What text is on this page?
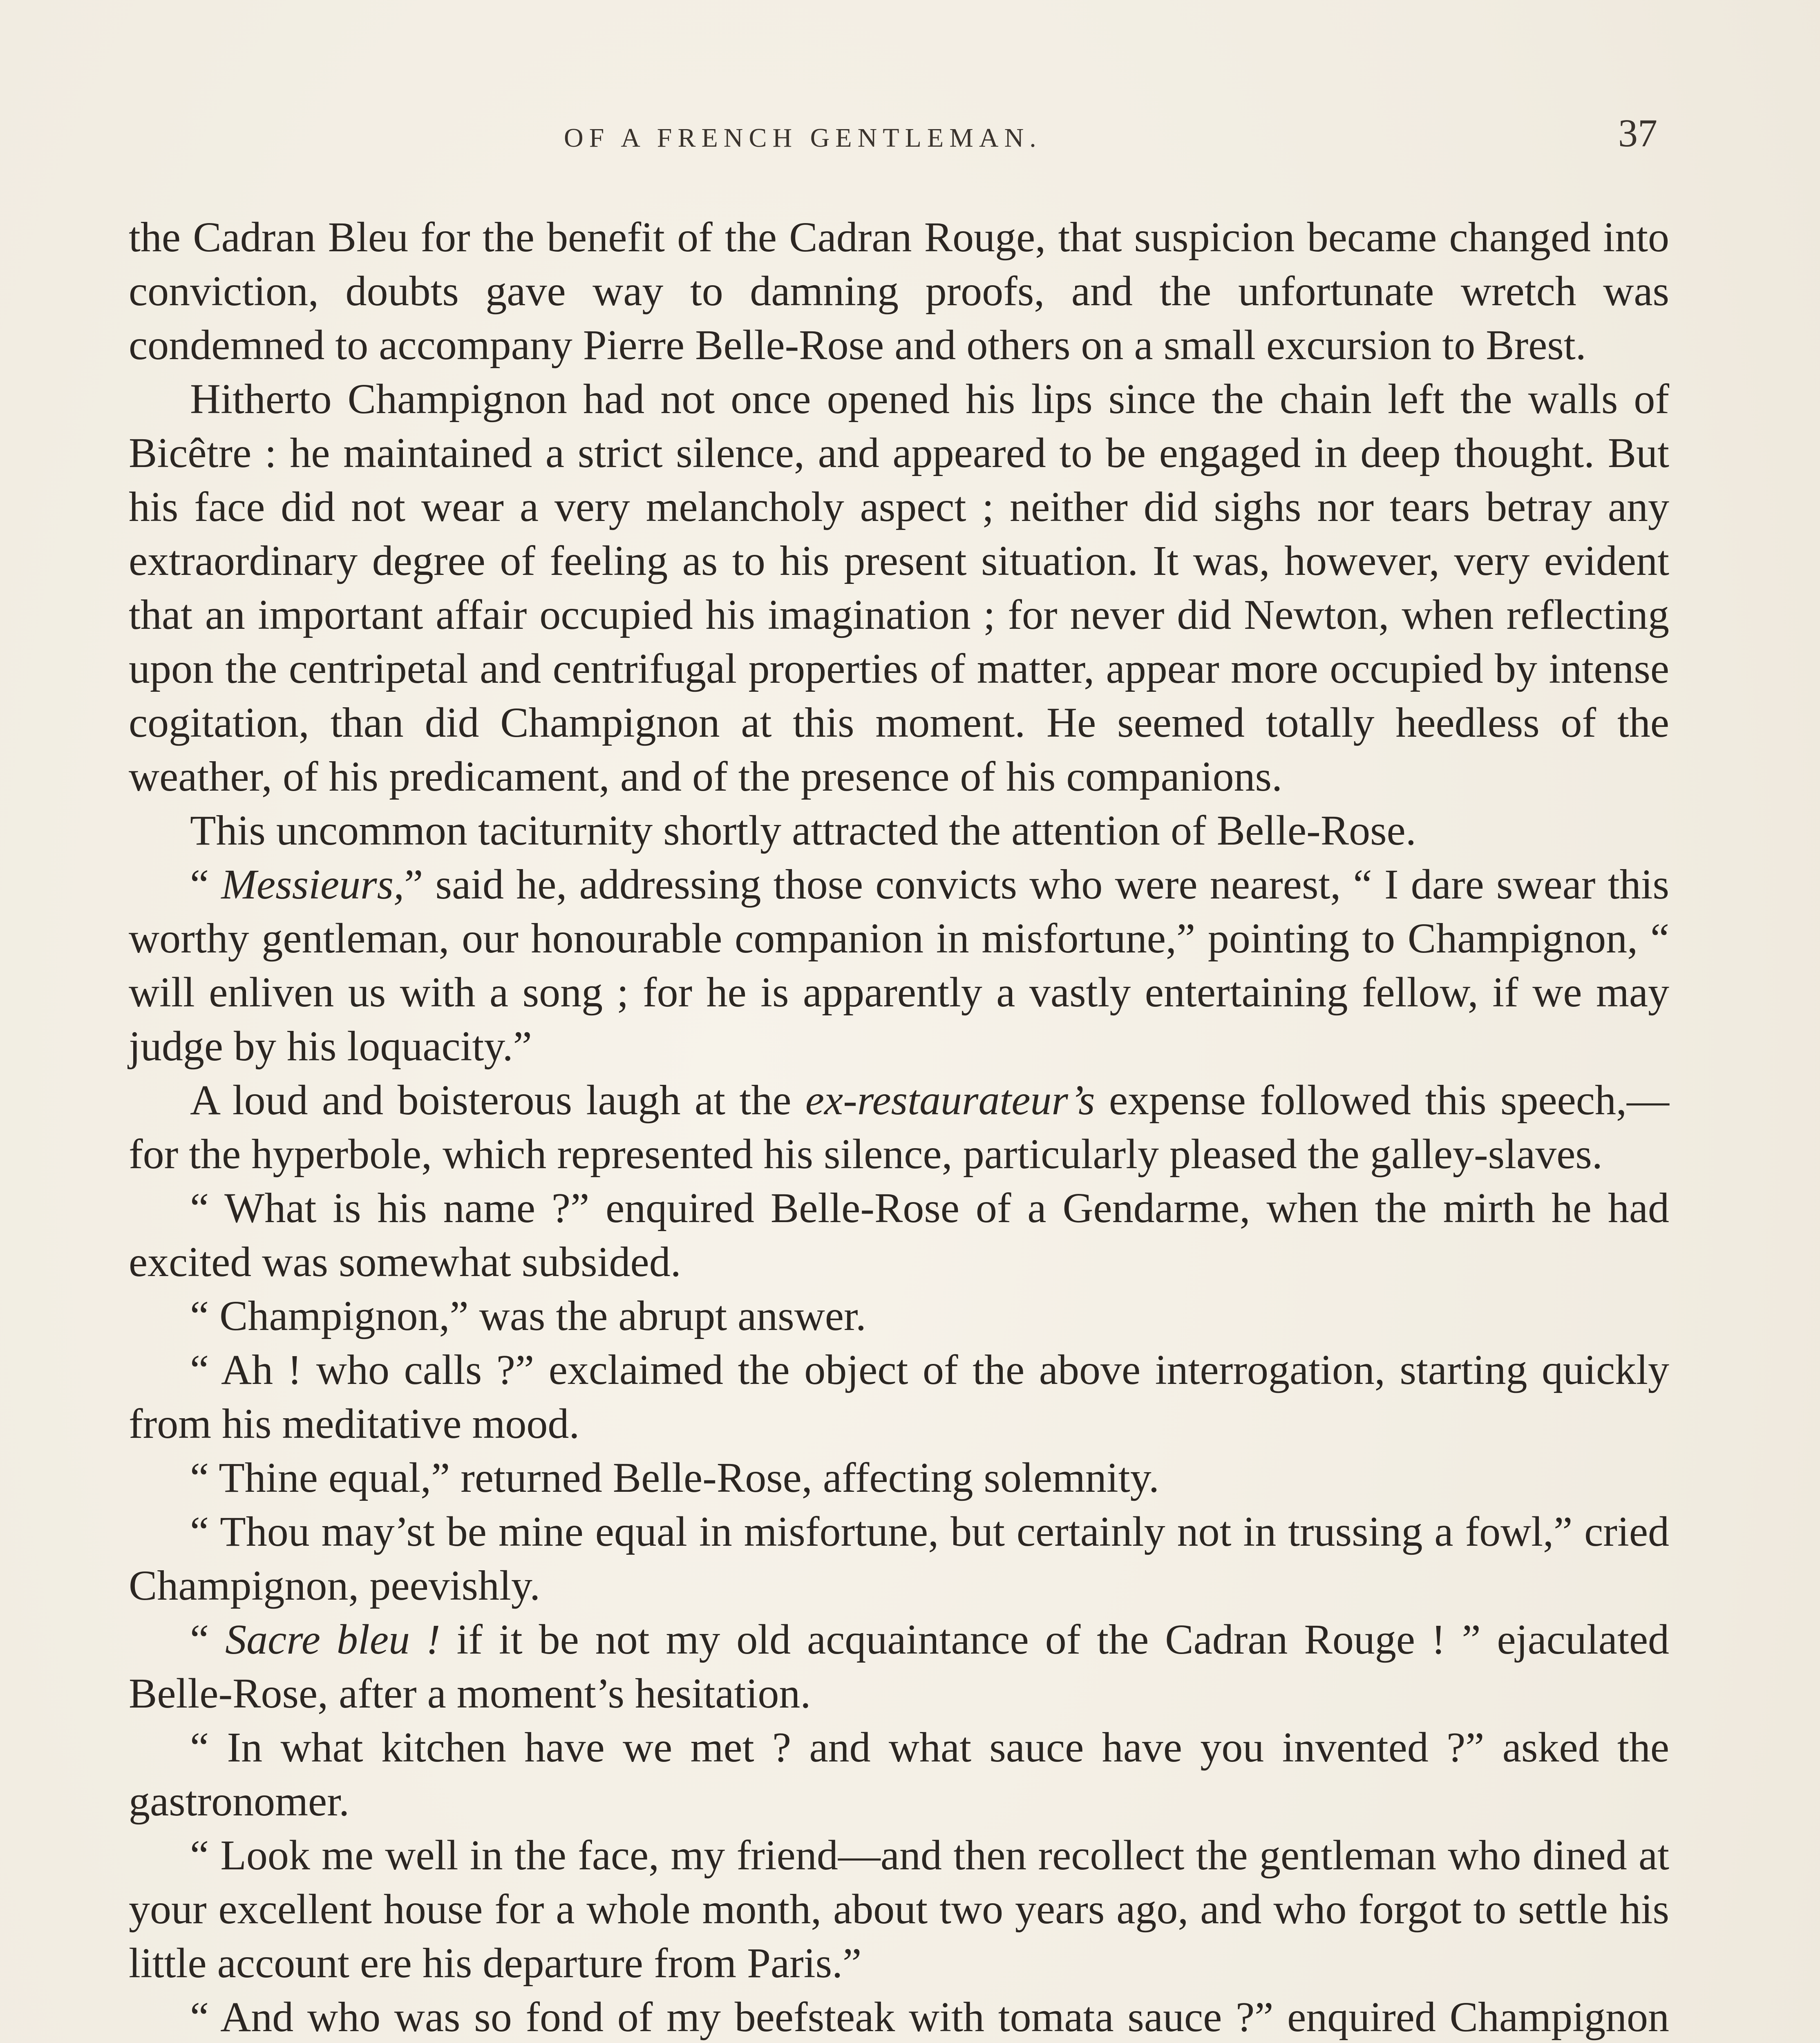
OF A FRENCH GENTLEMAN.	37

the Cadran Bleu for the benefit of the Cadran Rouge, that suspicion became changed into conviction, doubts gave way to damning proofs, and the unfortunate wretch was condemned to accompany Pierre Belle-Rose and others on a small excursion to Brest.

Hitherto Champignon had not once opened his lips since the chain left the walls of Bicêtre : he maintained a strict silence, and appeared to be engaged in deep thought. But his face did not wear a very melancholy aspect ; neither did sighs nor tears betray any extraordinary degree of feeling as to his present situation. It was, however, very evident that an important affair occupied his imagination ; for never did Newton, when reflecting upon the centripetal and centrifugal properties of matter, appear more occupied by intense cogitation, than did Champignon at this moment. He seemed totally heedless of the weather, of his predicament, and of the presence of his companions.

This uncommon taciturnity shortly attracted the attention of Belle-Rose.

“ Messieurs,” said he, addressing those convicts who were nearest, “ I dare swear this worthy gentleman, our honourable companion in misfortune,” pointing to Champignon, “ will enliven us with a song ; for he is apparently a vastly entertaining fellow, if we may judge by his loquacity.”

A loud and boisterous laugh at the ex-restaurateur’s expense followed this speech,—for the hyperbole, which represented his silence, particularly pleased the galley-slaves.

“ What is his name ?” enquired Belle-Rose of a Gendarme, when the mirth he had excited was somewhat subsided.

“ Champignon,” was the abrupt answer.

“ Ah ! who calls ?” exclaimed the object of the above interrogation, starting quickly from his meditative mood.

“ Thine equal,” returned Belle-Rose, affecting solemnity.

“ Thou may’st be mine equal in misfortune, but certainly not in trussing a fowl,” cried Champignon, peevishly.

“ Sacre bleu ! if it be not my old acquaintance of the Cadran Rouge ! ” ejaculated Belle-Rose, after a moment’s hesitation.

“ In what kitchen have we met ? and what sauce have you invented ?” asked the gastronomer.

“ Look me well in the face, my friend—and then recollect the gentleman who dined at your excellent house for a whole month, about two years ago, and who forgot to settle his little account ere his departure from Paris.”

“ And who was so fond of my beefsteak with tomata sauce ?” enquired Champignon
